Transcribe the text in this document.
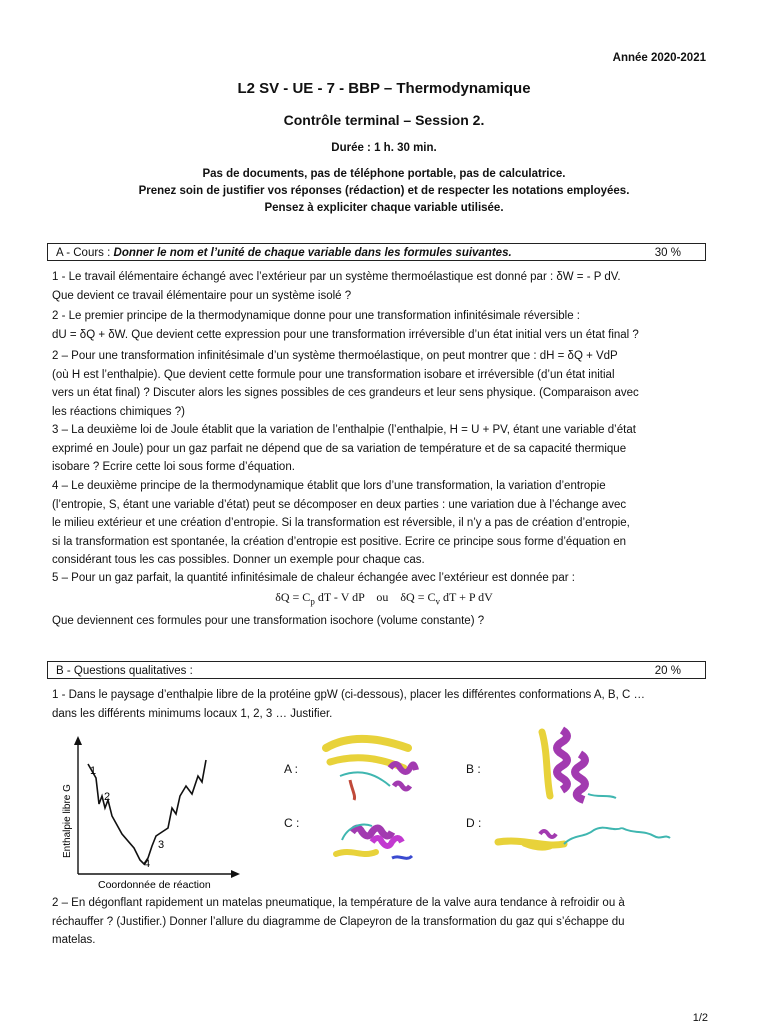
Année 2020-2021
L2 SV - UE - 7 - BBP – Thermodynamique
Contrôle terminal – Session 2.
Durée : 1 h. 30 min.
Pas de documents, pas de téléphone portable, pas de calculatrice.
Prenez soin de justifier vos réponses (rédaction) et de respecter les notations employées.
Pensez à expliciter chaque variable utilisée.
A - Cours : Donner le nom et l’unité de chaque variable dans les formules suivantes.	30 %
1 - Le travail élémentaire échangé avec l’extérieur par un système thermoélastique est donné par : δW = - P dV.
Que devient ce travail élémentaire pour un système isolé ?
2 - Le premier principe de la thermodynamique donne pour une transformation infinitésimale réversible :
dU = δQ + δW. Que devient cette expression pour une transformation irréversible d’un état initial vers un état final ?
2 – Pour une transformation infinitésimale d’un système thermoélastique, on peut montrer que : dH = δQ + VdP
(où H est l’enthalpie). Que devient cette formule pour une transformation isobare et irréversible (d’un état initial
vers un état final) ? Discuter alors les signes possibles de ces grandeurs et leur sens physique. (Comparaison avec
les réactions chimiques ?)
3 – La deuxième loi de Joule établit que la variation de l’enthalpie (l’enthalpie, H = U + PV, étant une variable d’état
exprimé en Joule) pour un gaz parfait ne dépend que de sa variation de température et de sa capacité thermique
isobare ? Ecrire cette loi sous forme d’équation.
4 – Le deuxième principe de la thermodynamique établit que lors d’une transformation, la variation d’entropie
(l’entropie, S, étant une variable d’état) peut se décomposer en deux parties : une variation due à l’échange avec
le milieu extérieur et une création d’entropie. Si la transformation est réversible, il n’y a pas de création d’entropie,
si la transformation est spontanée, la création d’entropie est positive. Ecrire ce principe sous forme d’équation en
considérant tous les cas possibles. Donner un exemple pour chaque cas.
5 – Pour un gaz parfait, la quantité infinitésimale de chaleur échangée avec l’extérieur est donnée par :
$\delta Q = C_p$ dT - V dP ou $\delta Q = C_v$ dT + P dV
Que deviennent ces formules pour une transformation isochore (volume constante) ?
B - Questions qualitatives :	20 %
1 - Dans le paysage d’enthalpie libre de la protéine gpW (ci-dessous), placer les différentes conformations A, B, C …
dans les différents minimums locaux 1, 2, 3 … Justifier.
1
2
3
4
Enthalpie libre G
Coordonnée de réaction
A :	B :
C :	D :
2 – En dégonflant rapidement un matelas pneumatique, la température de la valve aura tendance à refroidir ou à
réchauffer ? (Justifier.) Donner l’allure du diagramme de Clapeyron de la transformation du gaz qui s’échappe du
matelas.
1/2
